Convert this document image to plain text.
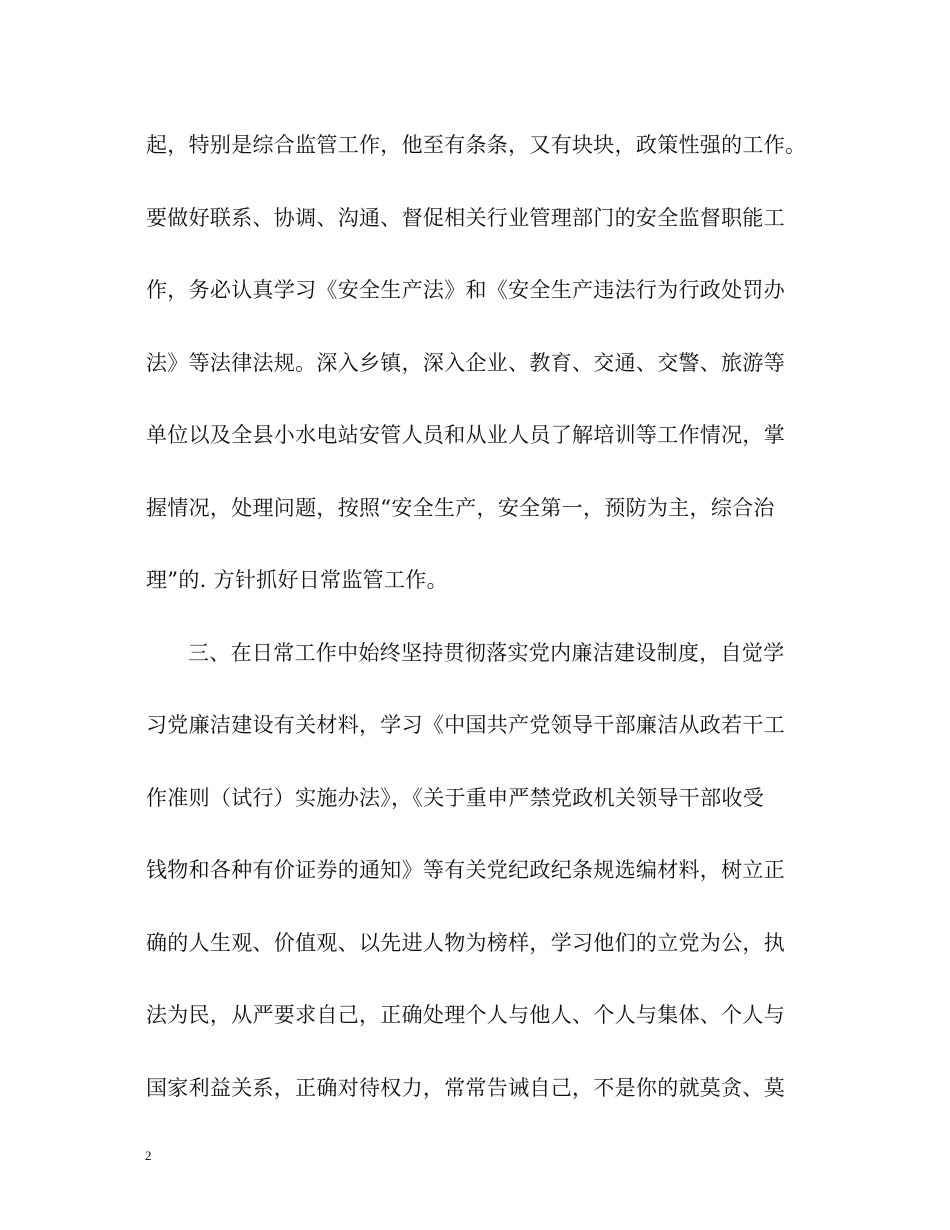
起，特别是综合监管工作，他至有条条，又有块块，政策性强的工作。
要做好联系、协调、沟通、督促相关行业管理部门的安全监督职能工
作，务必认真学习《安全生产法》和《安全生产违法行为行政处罚办
法》等法律法规。深入乡镇，深入企业、教育、交通、交警、旅游等
单位以及全县小水电站安管人员和从业人员了解培训等工作情况，掌
握情况，处理问题，按照“安全生产，安全第一，预防为主，综合治
理”的. 方针抓好日常监管工作。
三、在日常工作中始终坚持贯彻落实党内廉洁建设制度，自觉学
习党廉洁建设有关材料，学习《中国共产党领导干部廉洁从政若干工
作准则（试行）实施办法》，《关于重申严禁党政机关领导干部收受
钱物和各种有价证券的通知》等有关党纪政纪条规选编材料，树立正
确的人生观、价值观、以先进人物为榜样，学习他们的立党为公，执
法为民，从严要求自己，正确处理个人与他人、个人与集体、个人与
国家利益关系，正确对待权力，常常告诫自己，不是你的就莫贪、莫
2
